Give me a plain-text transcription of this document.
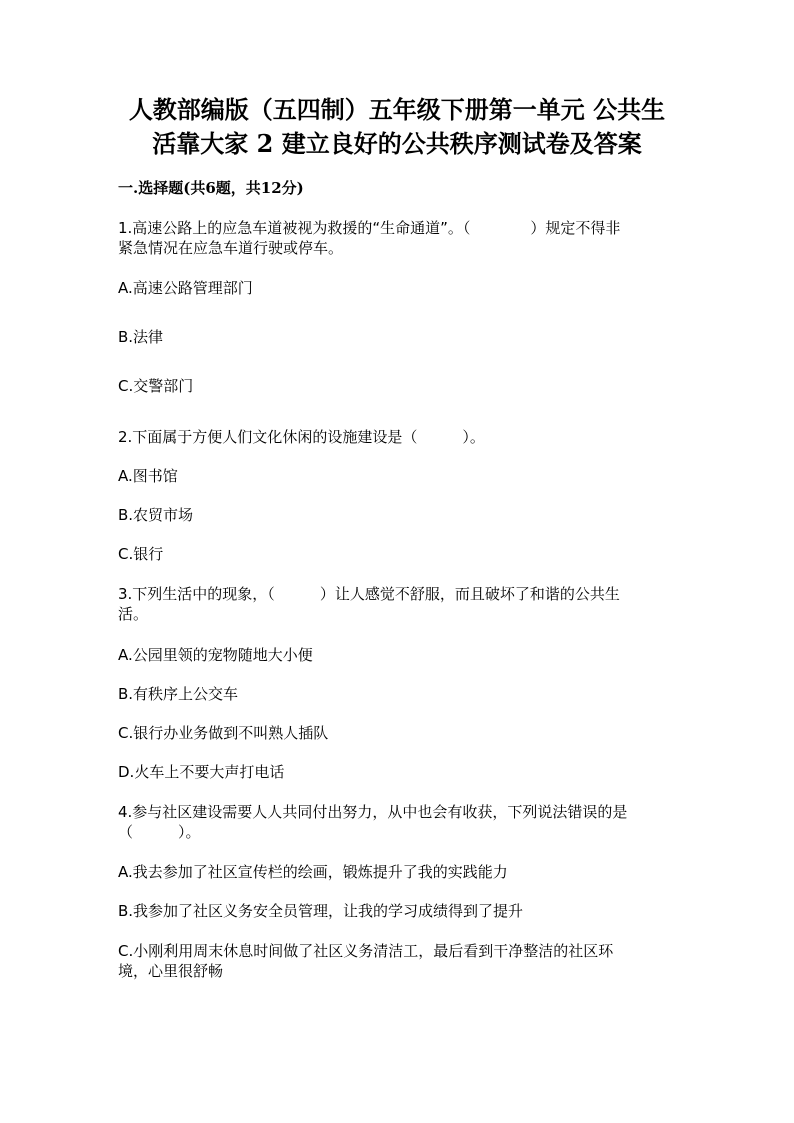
人教部编版（五四制）五年级下册第一单元 公共生
活靠大家 2 建立良好的公共秩序测试卷及答案
一.选择题(共6题，共12分)
1.高速公路上的应急车道被视为救援的“生命通道”。（　　　　）规定不得非
紧急情况在应急车道行驶或停车。
A.高速公路管理部门
B.法律
C.交警部门
2.下面属于方便人们文化休闲的设施建设是（　　　）。
A.图书馆
B.农贸市场
C.银行
3.下列生活中的现象，（　　　）让人感觉不舒服，而且破坏了和谐的公共生
活。
A.公园里领的宠物随地大小便
B.有秩序上公交车
C.银行办业务做到不叫熟人插队
D.火车上不要大声打电话
4.参与社区建设需要人人共同付出努力，从中也会有收获，下列说法错误的是
（　　　）。
A.我去参加了社区宣传栏的绘画，锻炼提升了我的实践能力
B.我参加了社区义务安全员管理，让我的学习成绩得到了提升
C.小刚利用周末休息时间做了社区义务清洁工，最后看到干净整洁的社区环
境，心里很舒畅
